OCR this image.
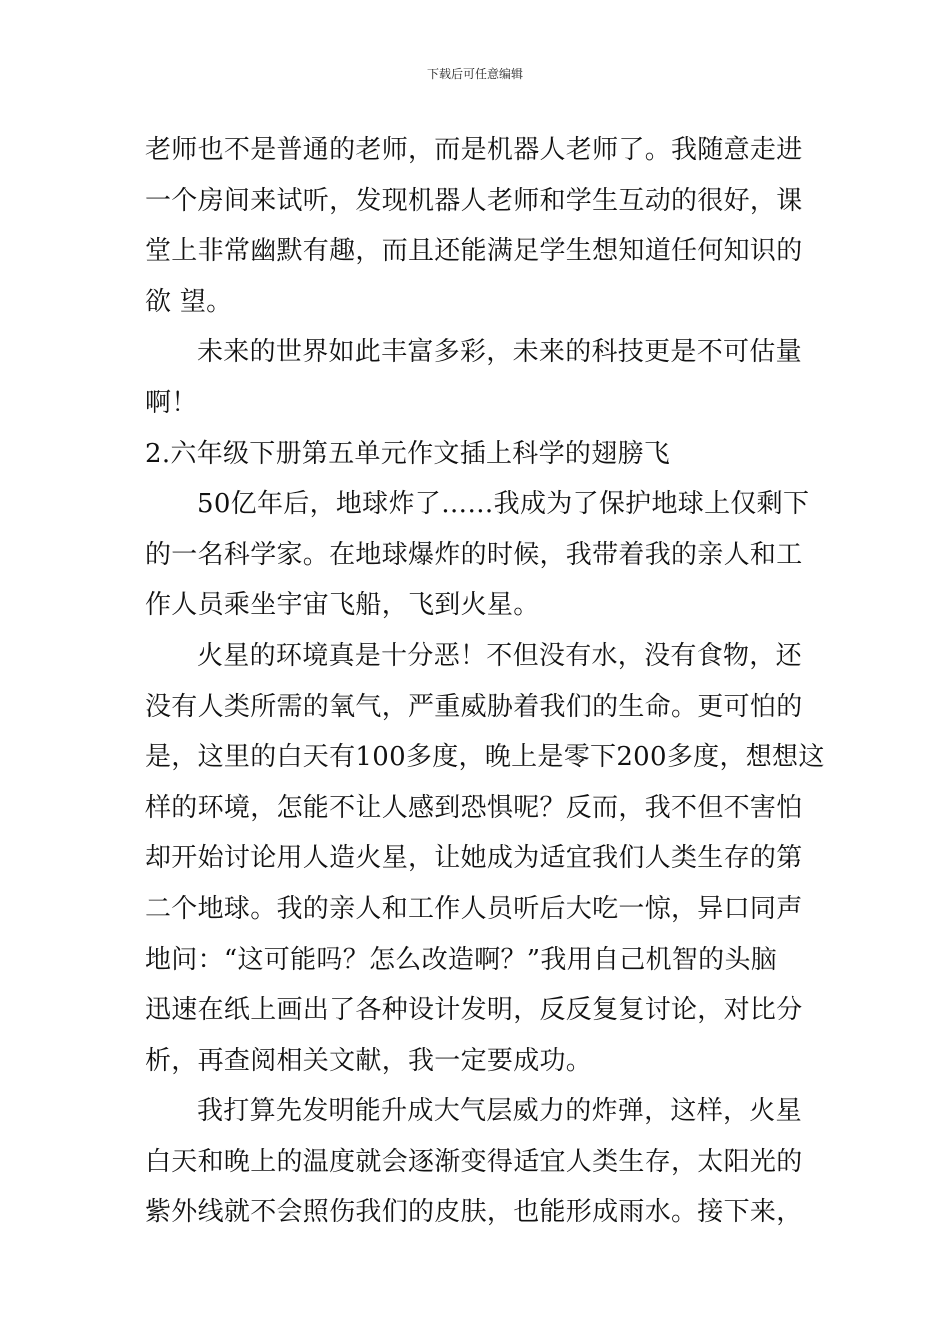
下载后可任意编辑
老师也不是普通的老师，而是机器人老师了。我随意走进
一个房间来试听，发现机器人老师和学生互动的很好，课
堂上非常幽默有趣，而且还能满足学生想知道任何知识的
欲 望。
未来的世界如此丰富多彩，未来的科技更是不可估量
啊！
2.六年级下册第五单元作文插上科学的翅膀飞
50亿年后，地球炸了……我成为了保护地球上仅剩下
的一名科学家。在地球爆炸的时候，我带着我的亲人和工
作人员乘坐宇宙飞船，飞到火星。
火星的环境真是十分恶！不但没有水，没有食物，还
没有人类所需的氧气，严重威胁着我们的生命。更可怕的
是，这里的白天有100多度，晚上是零下200多度，想想这
样的环境，怎能不让人感到恐惧呢？反而，我不但不害怕
却开始讨论用人造火星，让她成为适宜我们人类生存的第
二个地球。我的亲人和工作人员听后大吃一惊，异口同声
地问：“这可能吗？怎么改造啊？”我用自己机智的头脑
迅速在纸上画出了各种设计发明，反反复复讨论，对比分
析，再查阅相关文献，我一定要成功。
我打算先发明能升成大气层威力的炸弹，这样，火星
白天和晚上的温度就会逐渐变得适宜人类生存，太阳光的
紫外线就不会照伤我们的皮肤，也能形成雨水。接下来，
